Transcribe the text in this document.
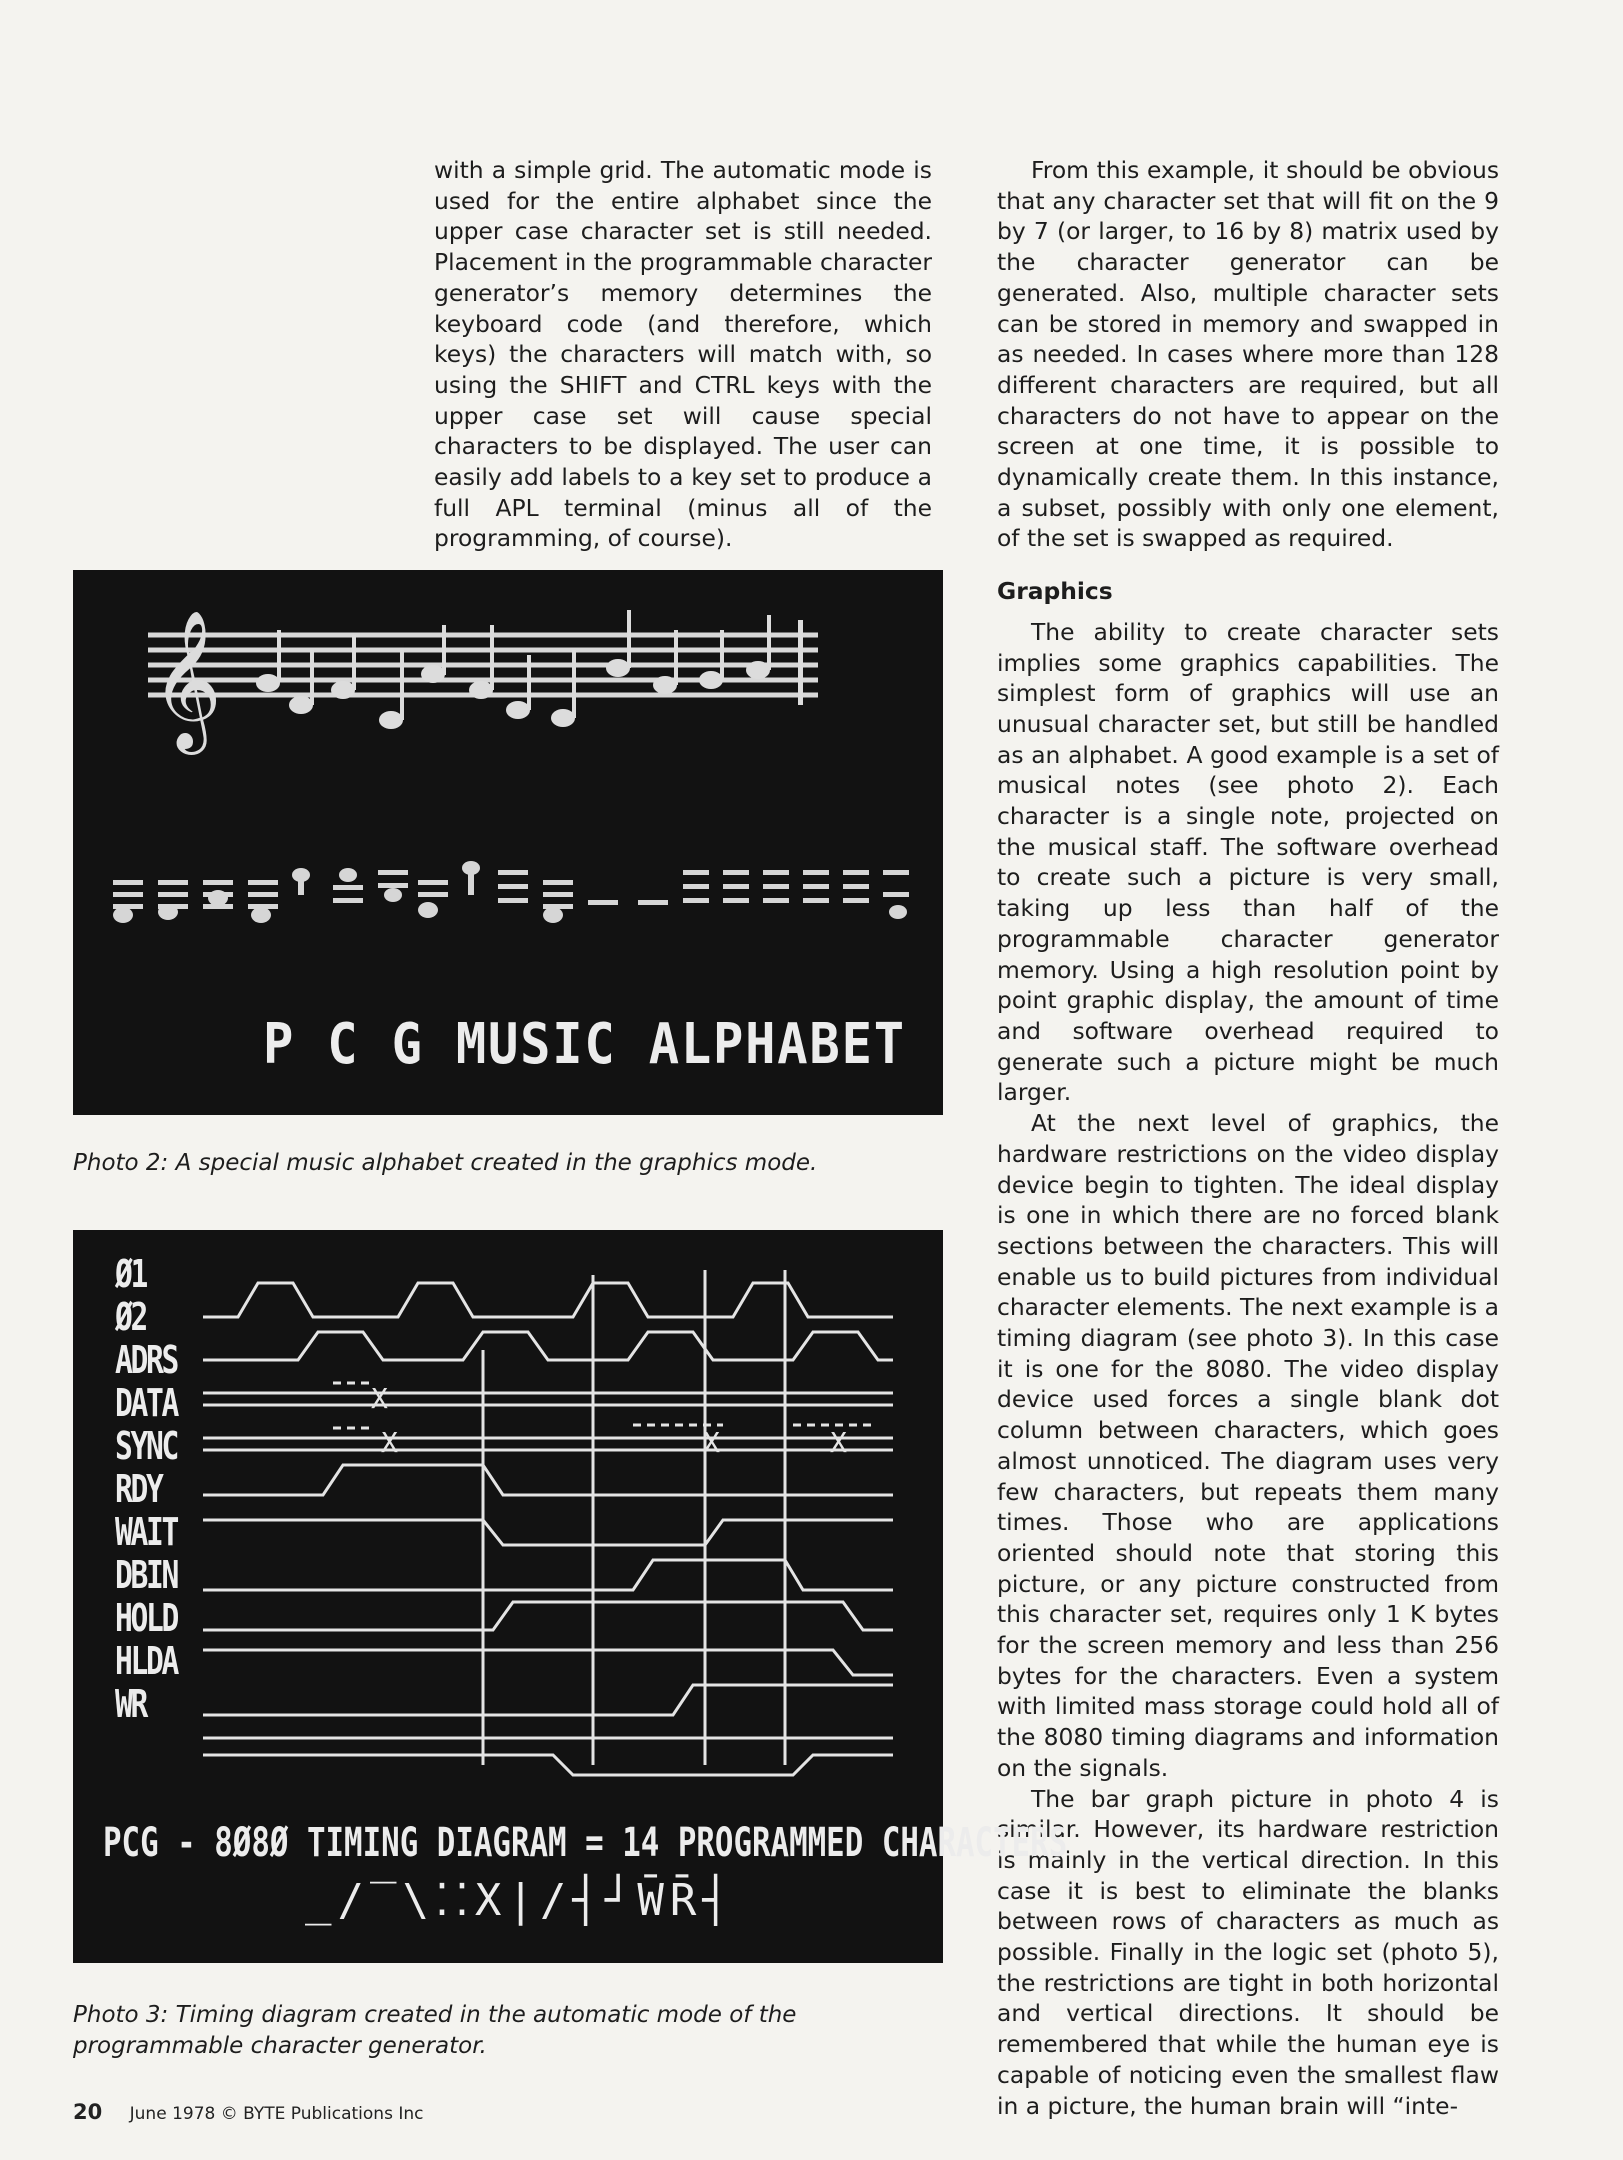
with a simple grid. The automatic mode is used for the entire alphabet since the upper case character set is still needed. Placement in the programmable character generator’s memory determines the keyboard code (and therefore, which keys) the characters will match with, so using the SHIFT and CTRL keys with the upper case set will cause special characters to be displayed. The user can easily add labels to a key set to produce a full APL terminal (minus all of the programming, of course).

From this example, it should be obvious that any character set that will fit on the 9 by 7 (or larger, to 16 by 8) matrix used by the character generator can be generated. Also, multiple character sets can be stored in memory and swapped in as needed. In cases where more than 128 different characters are required, but all characters do not have to appear on the screen at one time, it is possible to dynamically create them. In this instance, a subset, possibly with only one element, of the set is swapped as required.

Graphics

The ability to create character sets implies some graphics capabilities. The simplest form of graphics will use an unusual character set, but still be handled as an alphabet. A good example is a set of musical notes (see photo 2). Each character is a single note, projected on the musical staff. The software overhead to create such a picture is very small, taking up less than half of the programmable character generator memory. Using a high resolution point by point graphic display, the amount of time and software overhead required to generate such a picture might be much larger.

At the next level of graphics, the hardware restrictions on the video display device begin to tighten. The ideal display is one in which there are no forced blank sections between the characters. This will enable us to build pictures from individual character elements. The next example is a timing diagram (see photo 3). In this case it is one for the 8080. The video display device used forces a single blank dot column between characters, which goes almost unnoticed. The diagram uses very few characters, but repeats them many times. Those who are applications oriented should note that storing this picture, or any picture constructed from this character set, requires only 1 K bytes for the screen memory and less than 256 bytes for the characters. Even a system with limited mass storage could hold all of the 8080 timing diagrams and information on the signals.

The bar graph picture in photo 4 is similar. However, its hardware restriction is mainly in the vertical direction. In this case it is best to eliminate the blanks between rows of characters as much as possible. Finally in the logic set (photo 5), the restrictions are tight in both horizontal and vertical directions. It should be remembered that while the human eye is capable of noticing even the smallest flaw in a picture, the human brain will “inte-

𝄞
P C G MUSIC ALPHABET
Photo 2: A special music alphabet created in the graphics mode.
Ø1
Ø2
ADRS
DATA
SYNC
RDY
WAIT
DBIN
HOLD
HLDA
WR
X
X	X	X
PCG - 8Ø8Ø TIMING DIAGRAM = 14 PROGRAMMED CHARACTERS
_/‾\⁚⁚X|/┤┘W̄R̄┤
Photo 3: Timing diagram created in the automatic mode of the programmable character generator.
20 June 1978 © BYTE Publications Inc
